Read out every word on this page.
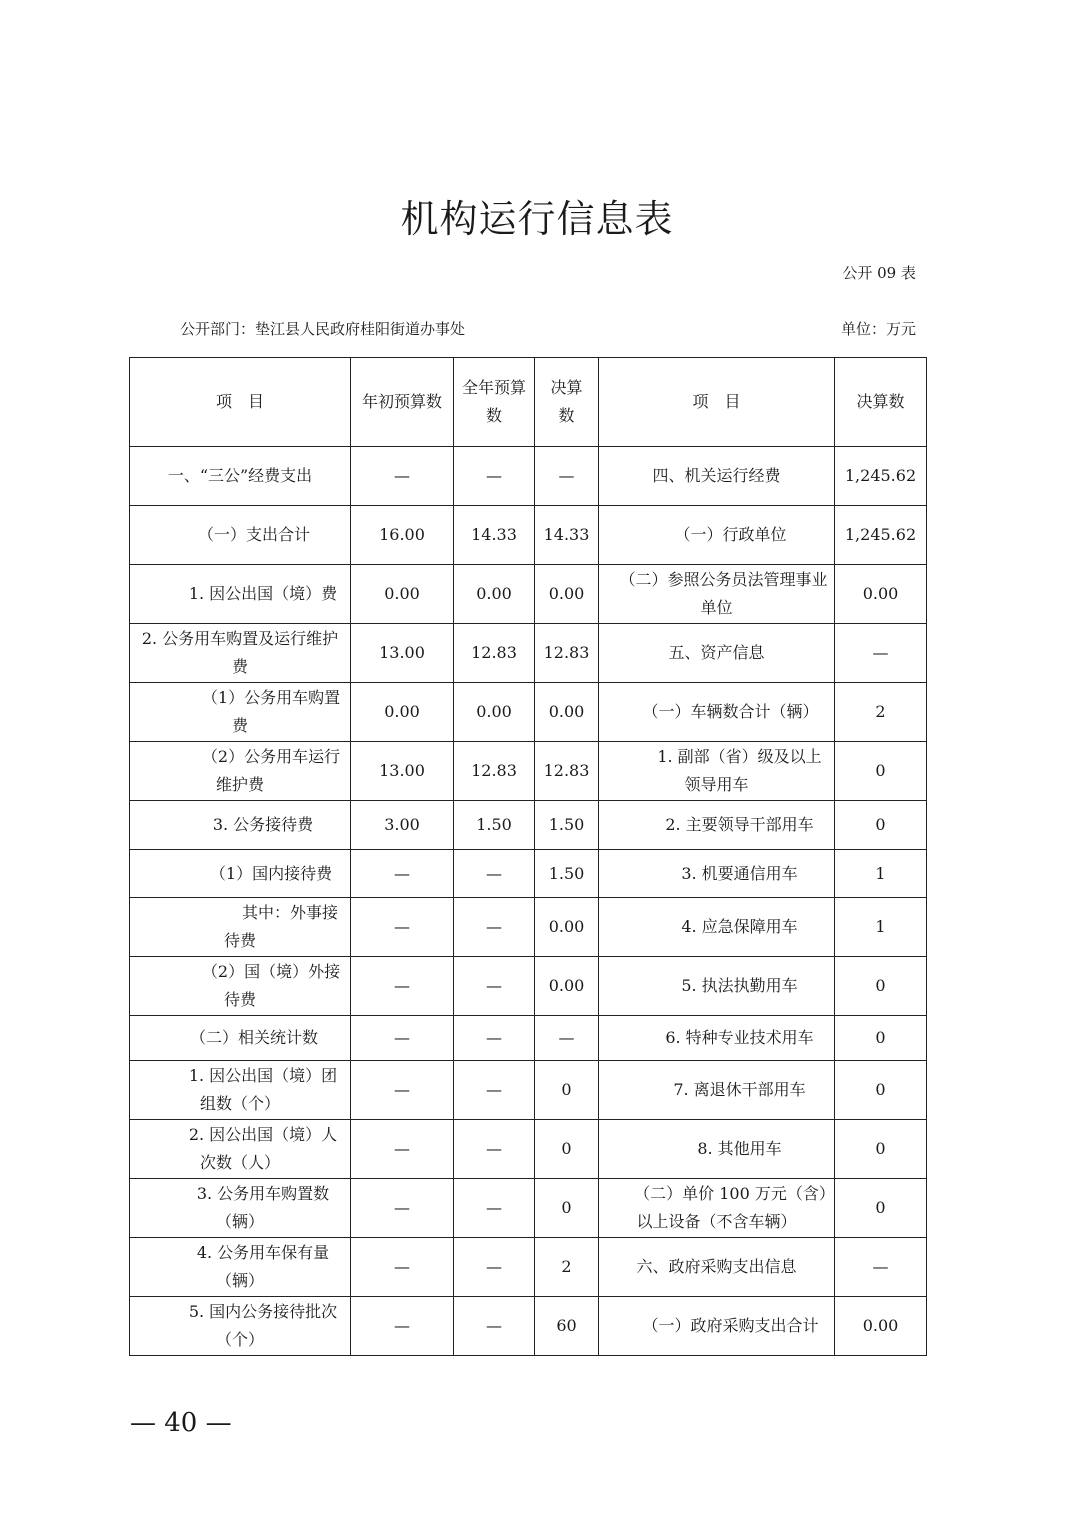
机构运行信息表
公开 09 表
公开部门：垫江县人民政府桂阳街道办事处	单位：万元
项　目	年初预算数	全年预算数	决算数	项　目	决算数
一、“三公”经费支出	—	—	—	四、机关运行经费	1,245.62
（一）支出合计	16.00	14.33	14.33	（一）行政单位	1,245.62
1. 因公出国（境）费	0.00	0.00	0.00	（二）参照公务员法管理事业单位	0.00
2. 公务用车购置及运行维护费	13.00	12.83	12.83	五、资产信息	—
（1）公务用车购置费	0.00	0.00	0.00	（一）车辆数合计（辆）	2
（2）公务用车运行维护费	13.00	12.83	12.83	1. 副部（省）级及以上领导用车	0
3. 公务接待费	3.00	1.50	1.50	2. 主要领导干部用车	0
（1）国内接待费	—	—	1.50	3. 机要通信用车	1
其中：外事接待费	—	—	0.00	4. 应急保障用车	1
（2）国（境）外接待费	—	—	0.00	5. 执法执勤用车	0
（二）相关统计数	—	—	—	6. 特种专业技术用车	0
1. 因公出国（境）团组数（个）	—	—	0	7. 离退休干部用车	0
2. 因公出国（境）人次数（人）	—	—	0	8. 其他用车	0
3. 公务用车购置数（辆）	—	—	0	（二）单价 100 万元（含）以上设备（不含车辆）	0
4. 公务用车保有量（辆）	—	—	2	六、政府采购支出信息	—
5. 国内公务接待批次（个）	—	—	60	（一）政府采购支出合计	0.00
— 40 —
